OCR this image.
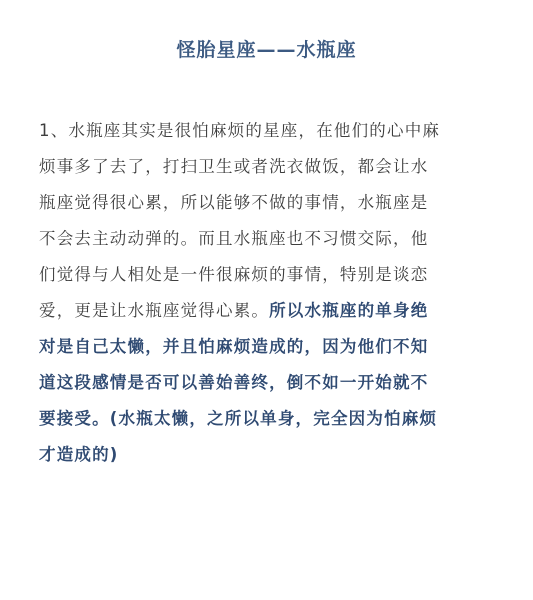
怪胎星座——水瓶座
1、水瓶座其实是很怕麻烦的星座，在他们的心中麻
烦事多了去了，打扫卫生或者洗衣做饭，都会让水
瓶座觉得很心累，所以能够不做的事情，水瓶座是
不会去主动动弹的。而且水瓶座也不习惯交际，他
们觉得与人相处是一件很麻烦的事情，特别是谈恋
爱，更是让水瓶座觉得心累。所以水瓶座的单身绝
对是自己太懒，并且怕麻烦造成的，因为他们不知
道这段感情是否可以善始善终，倒不如一开始就不
要接受。(水瓶太懒，之所以单身，完全因为怕麻烦
才造成的)
